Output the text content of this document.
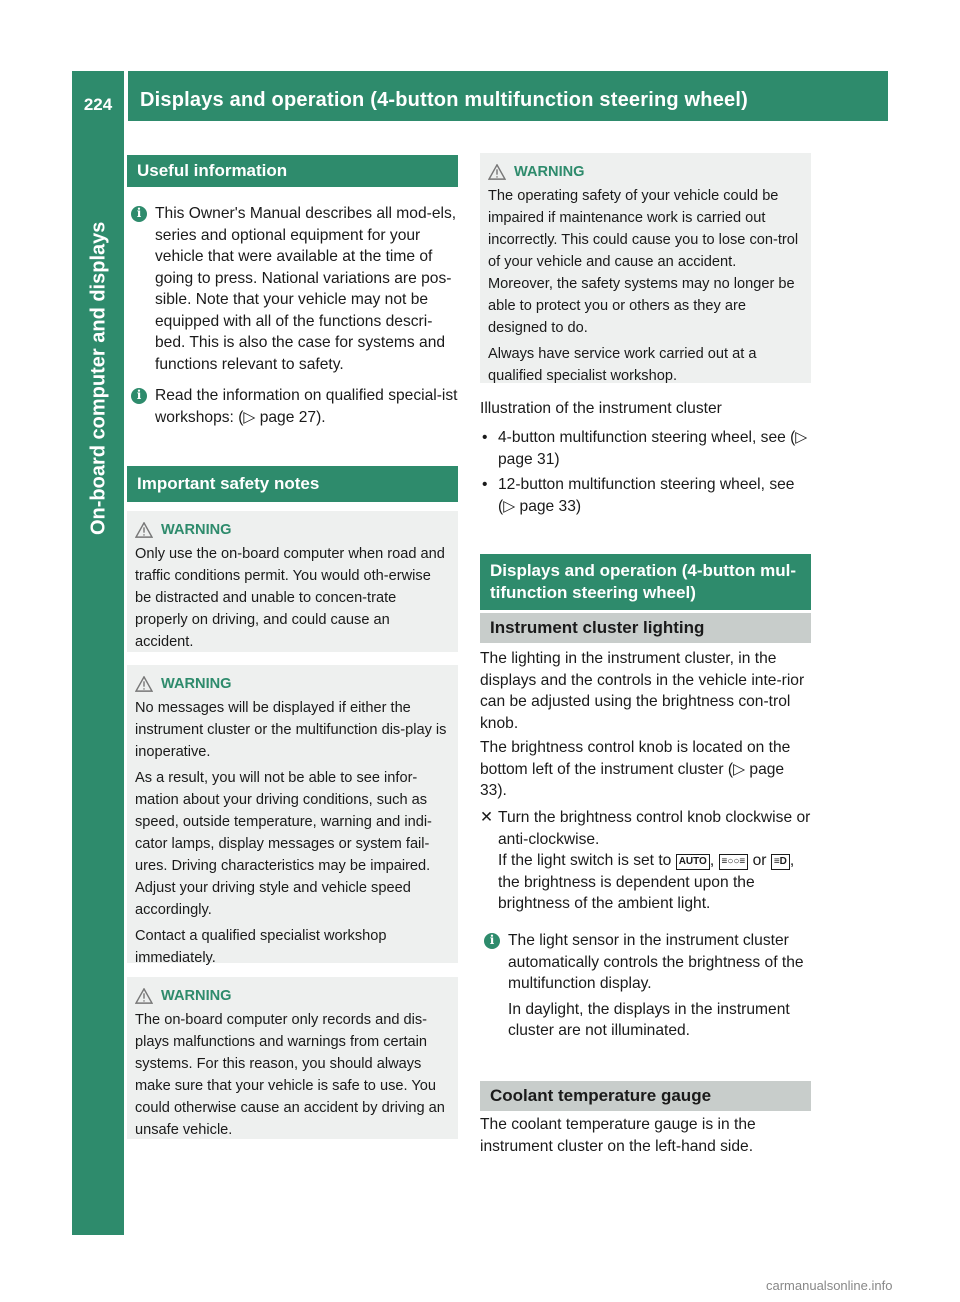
224	Displays and operation (4-button multifunction steering wheel)
On-board computer and displays
Useful information
i This Owner's Manual describes all mod-els, series and optional equipment for your vehicle that were available at the time of going to press. National variations are pos-sible. Note that your vehicle may not be equipped with all of the functions descri-bed. This is also the case for systems and functions relevant to safety.

i Read the information on qualified special-ist workshops: (▷ page 27).

Important safety notes
WARNING

Only use the on-board computer when road and traffic conditions permit. You would oth-erwise be distracted and unable to concen-trate properly on driving, and could cause an accident.

WARNING

No messages will be displayed if either the instrument cluster or the multifunction dis-play is inoperative.

As a result, you will not be able to see infor-mation about your driving conditions, such as speed, outside temperature, warning and indi-cator lamps, display messages or system fail-ures. Driving characteristics may be impaired. Adjust your driving style and vehicle speed accordingly.

Contact a qualified specialist workshop immediately.

WARNING

The on-board computer only records and dis-plays malfunctions and warnings from certain systems. For this reason, you should always make sure that your vehicle is safe to use. You could otherwise cause an accident by driving an unsafe vehicle.

WARNING

The operating safety of your vehicle could be impaired if maintenance work is carried out incorrectly. This could cause you to lose con-trol of your vehicle and cause an accident. Moreover, the safety systems may no longer be able to protect you or others as they are designed to do.

Always have service work carried out at a qualified specialist workshop.

Illustration of the instrument cluster

• 4-button multifunction steering wheel, see (▷ page 31)
• 12-button multifunction steering wheel, see (▷ page 33)
Displays and operation (4-button mul-tifunction steering wheel)
Instrument cluster lighting

The lighting in the instrument cluster, in the displays and the controls in the vehicle inte-rior can be adjusted using the brightness con-trol knob.

The brightness control knob is located on the bottom left of the instrument cluster (▷ page 33).

✕ Turn the brightness control knob clockwise or anti-clockwise.

If the light switch is set to AUTO , ≡○○≡ or ≡D , the brightness is dependent upon the brightness of the ambient light.

i The light sensor in the instrument cluster automatically controls the brightness of the multifunction display.

In daylight, the displays in the instrument cluster are not illuminated.

Coolant temperature gauge

The coolant temperature gauge is in the instrument cluster on the left-hand side.

carmanualsonline.info
